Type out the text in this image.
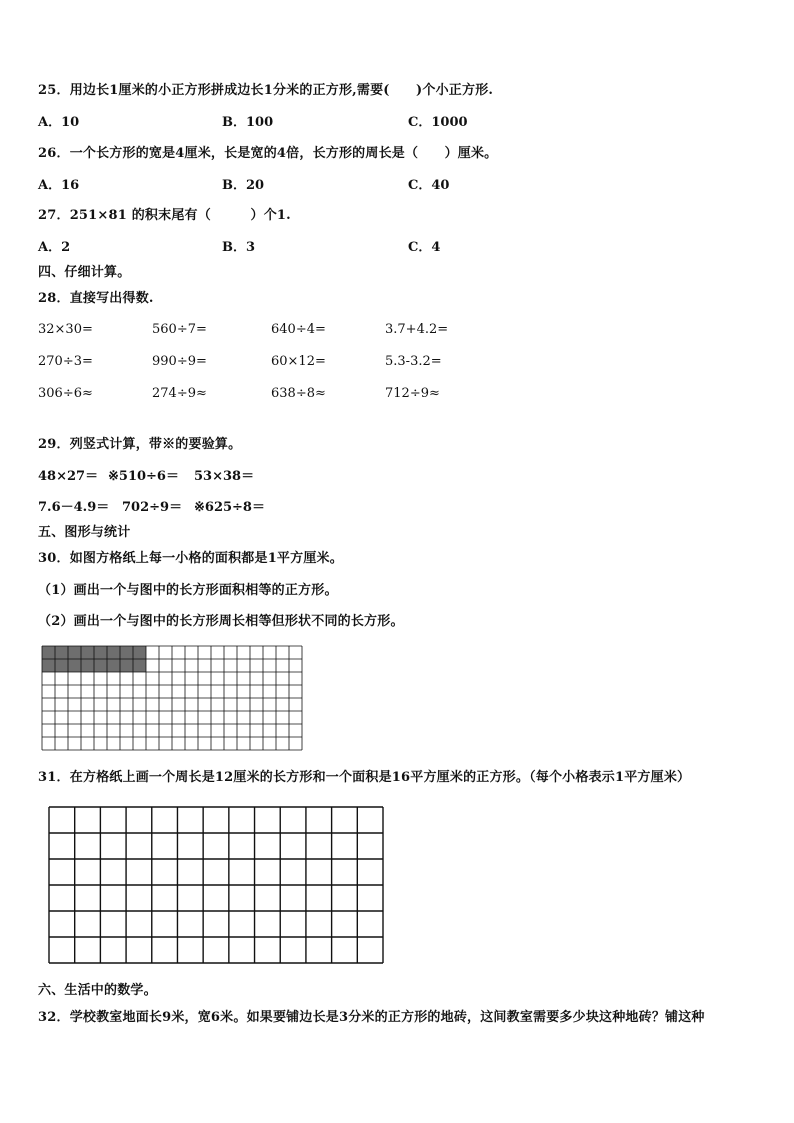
25．用边长1厘米的小正方形拼成边长1分米的正方形,需要(　　)个小正方形.
A．10	B．100	C．1000
26．一个长方形的宽是4厘米，长是宽的4倍，长方形的周长是（　　）厘米。
A．16	B．20	C．40
27．251×81 的积末尾有（　　　）个1.
A．2	B．3	C．4
四、仔细计算。
28．直接写出得数.
32×30=	560÷7=	640÷4=	3.7+4.2=
270÷3=	990÷9=	60×12=	5.3-3.2=
306÷6≈	274÷9≈	638÷8≈	712÷9≈
29．列竖式计算，带※的要验算。
48×27＝ ※510÷6＝ 53×38＝
7.6－4.9＝ 702÷9＝ ※625÷8＝
五、图形与统计
30．如图方格纸上每一小格的面积都是1平方厘米。
（1）画出一个与图中的长方形面积相等的正方形。
（2）画出一个与图中的长方形周长相等但形状不同的长方形。
31．在方格纸上画一个周长是12厘米的长方形和一个面积是16平方厘米的正方形。（每个小格表示1平方厘米）
六、生活中的数学。
32．学校教室地面长9米，宽6米。如果要铺边长是3分米的正方形的地砖，这间教室需要多少块这种地砖？铺这种
